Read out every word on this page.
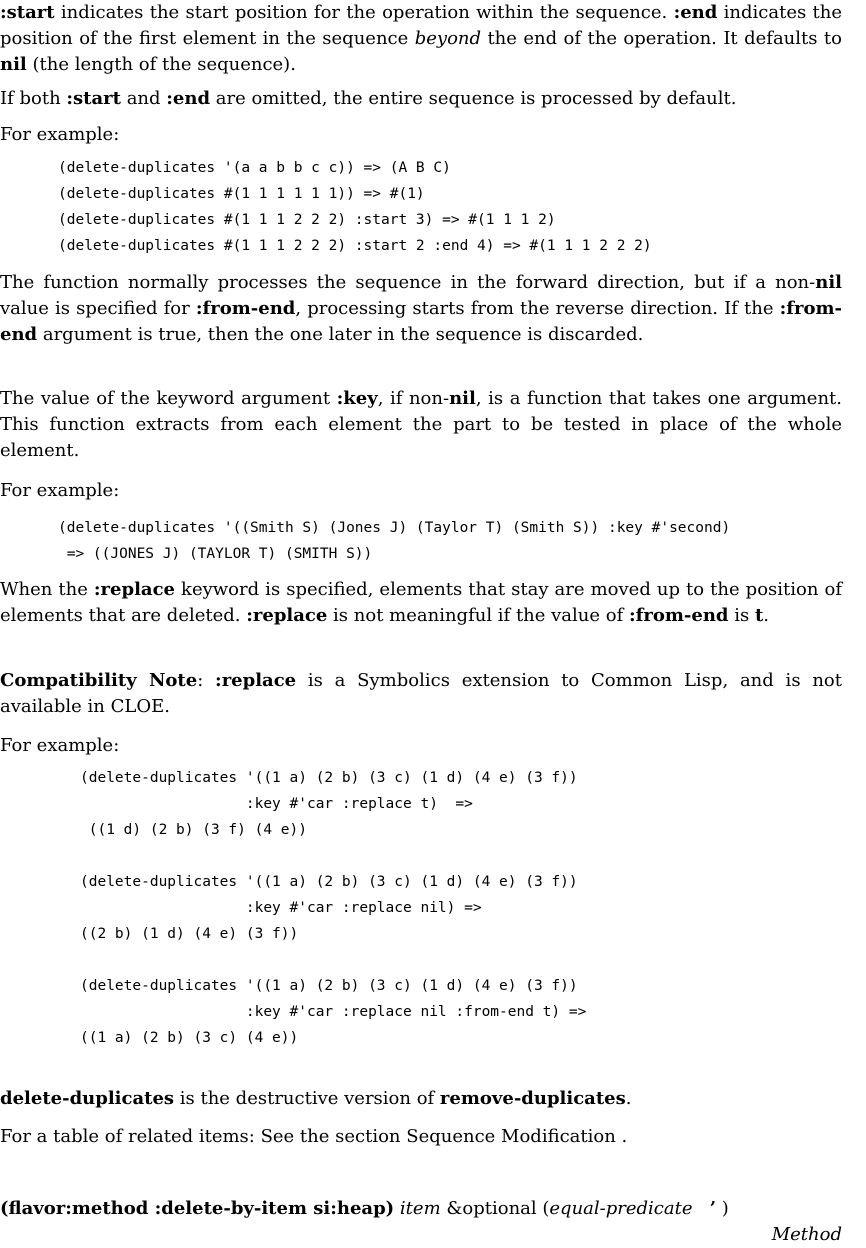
:start indicates the start position for the operation within the sequence. :end indicates the position of the first element in the sequence beyond the end of the operation. It defaults to nil (the length of the sequence).

If both :start and :end are omitted, the entire sequence is processed by default.

For example:

(delete-duplicates '(a a b b c c)) => (A B C)
(delete-duplicates #(1 1 1 1 1 1)) => #(1)
(delete-duplicates #(1 1 1 2 2 2) :start 3) => #(1 1 1 2)
(delete-duplicates #(1 1 1 2 2 2) :start 2 :end 4) => #(1 1 1 2 2 2)

The function normally processes the sequence in the forward direction, but if a non-nil value is specified for :from-end, processing starts from the reverse direction. If the :from-end argument is true, then the one later in the sequence is discarded.

The value of the keyword argument :key, if non-nil, is a function that takes one argument. This function extracts from each element the part to be tested in place of the whole element.

For example:

(delete-duplicates '((Smith S) (Jones J) (Taylor T) (Smith S)) :key #'second)
=> ((JONES J) (TAYLOR T) (SMITH S))

When the :replace keyword is specified, elements that stay are moved up to the position of elements that are deleted. :replace is not meaningful if the value of :from-end is t.

Compatibility Note: :replace is a Symbolics extension to Common Lisp, and is not available in CLOE.

For example:

(delete-duplicates '((1 a) (2 b) (3 c) (1 d) (4 e) (3 f))
:key #'car :replace t)  =>
((1 d) (2 b) (3 f) (4 e))
(delete-duplicates '((1 a) (2 b) (3 c) (1 d) (4 e) (3 f))
:key #'car :replace nil) =>
((2 b) (1 d) (4 e) (3 f))
(delete-duplicates '((1 a) (2 b) (3 c) (1 d) (4 e) (3 f))
:key #'car :replace nil :from-end t) =>
((1 a) (2 b) (3 c) (4 e))

delete-duplicates is the destructive version of remove-duplicates.

For a table of related items: See the section Sequence Modification .

(flavor:method :delete-by-item si:heap) item &optional (equal-predicate ’ )

Method
